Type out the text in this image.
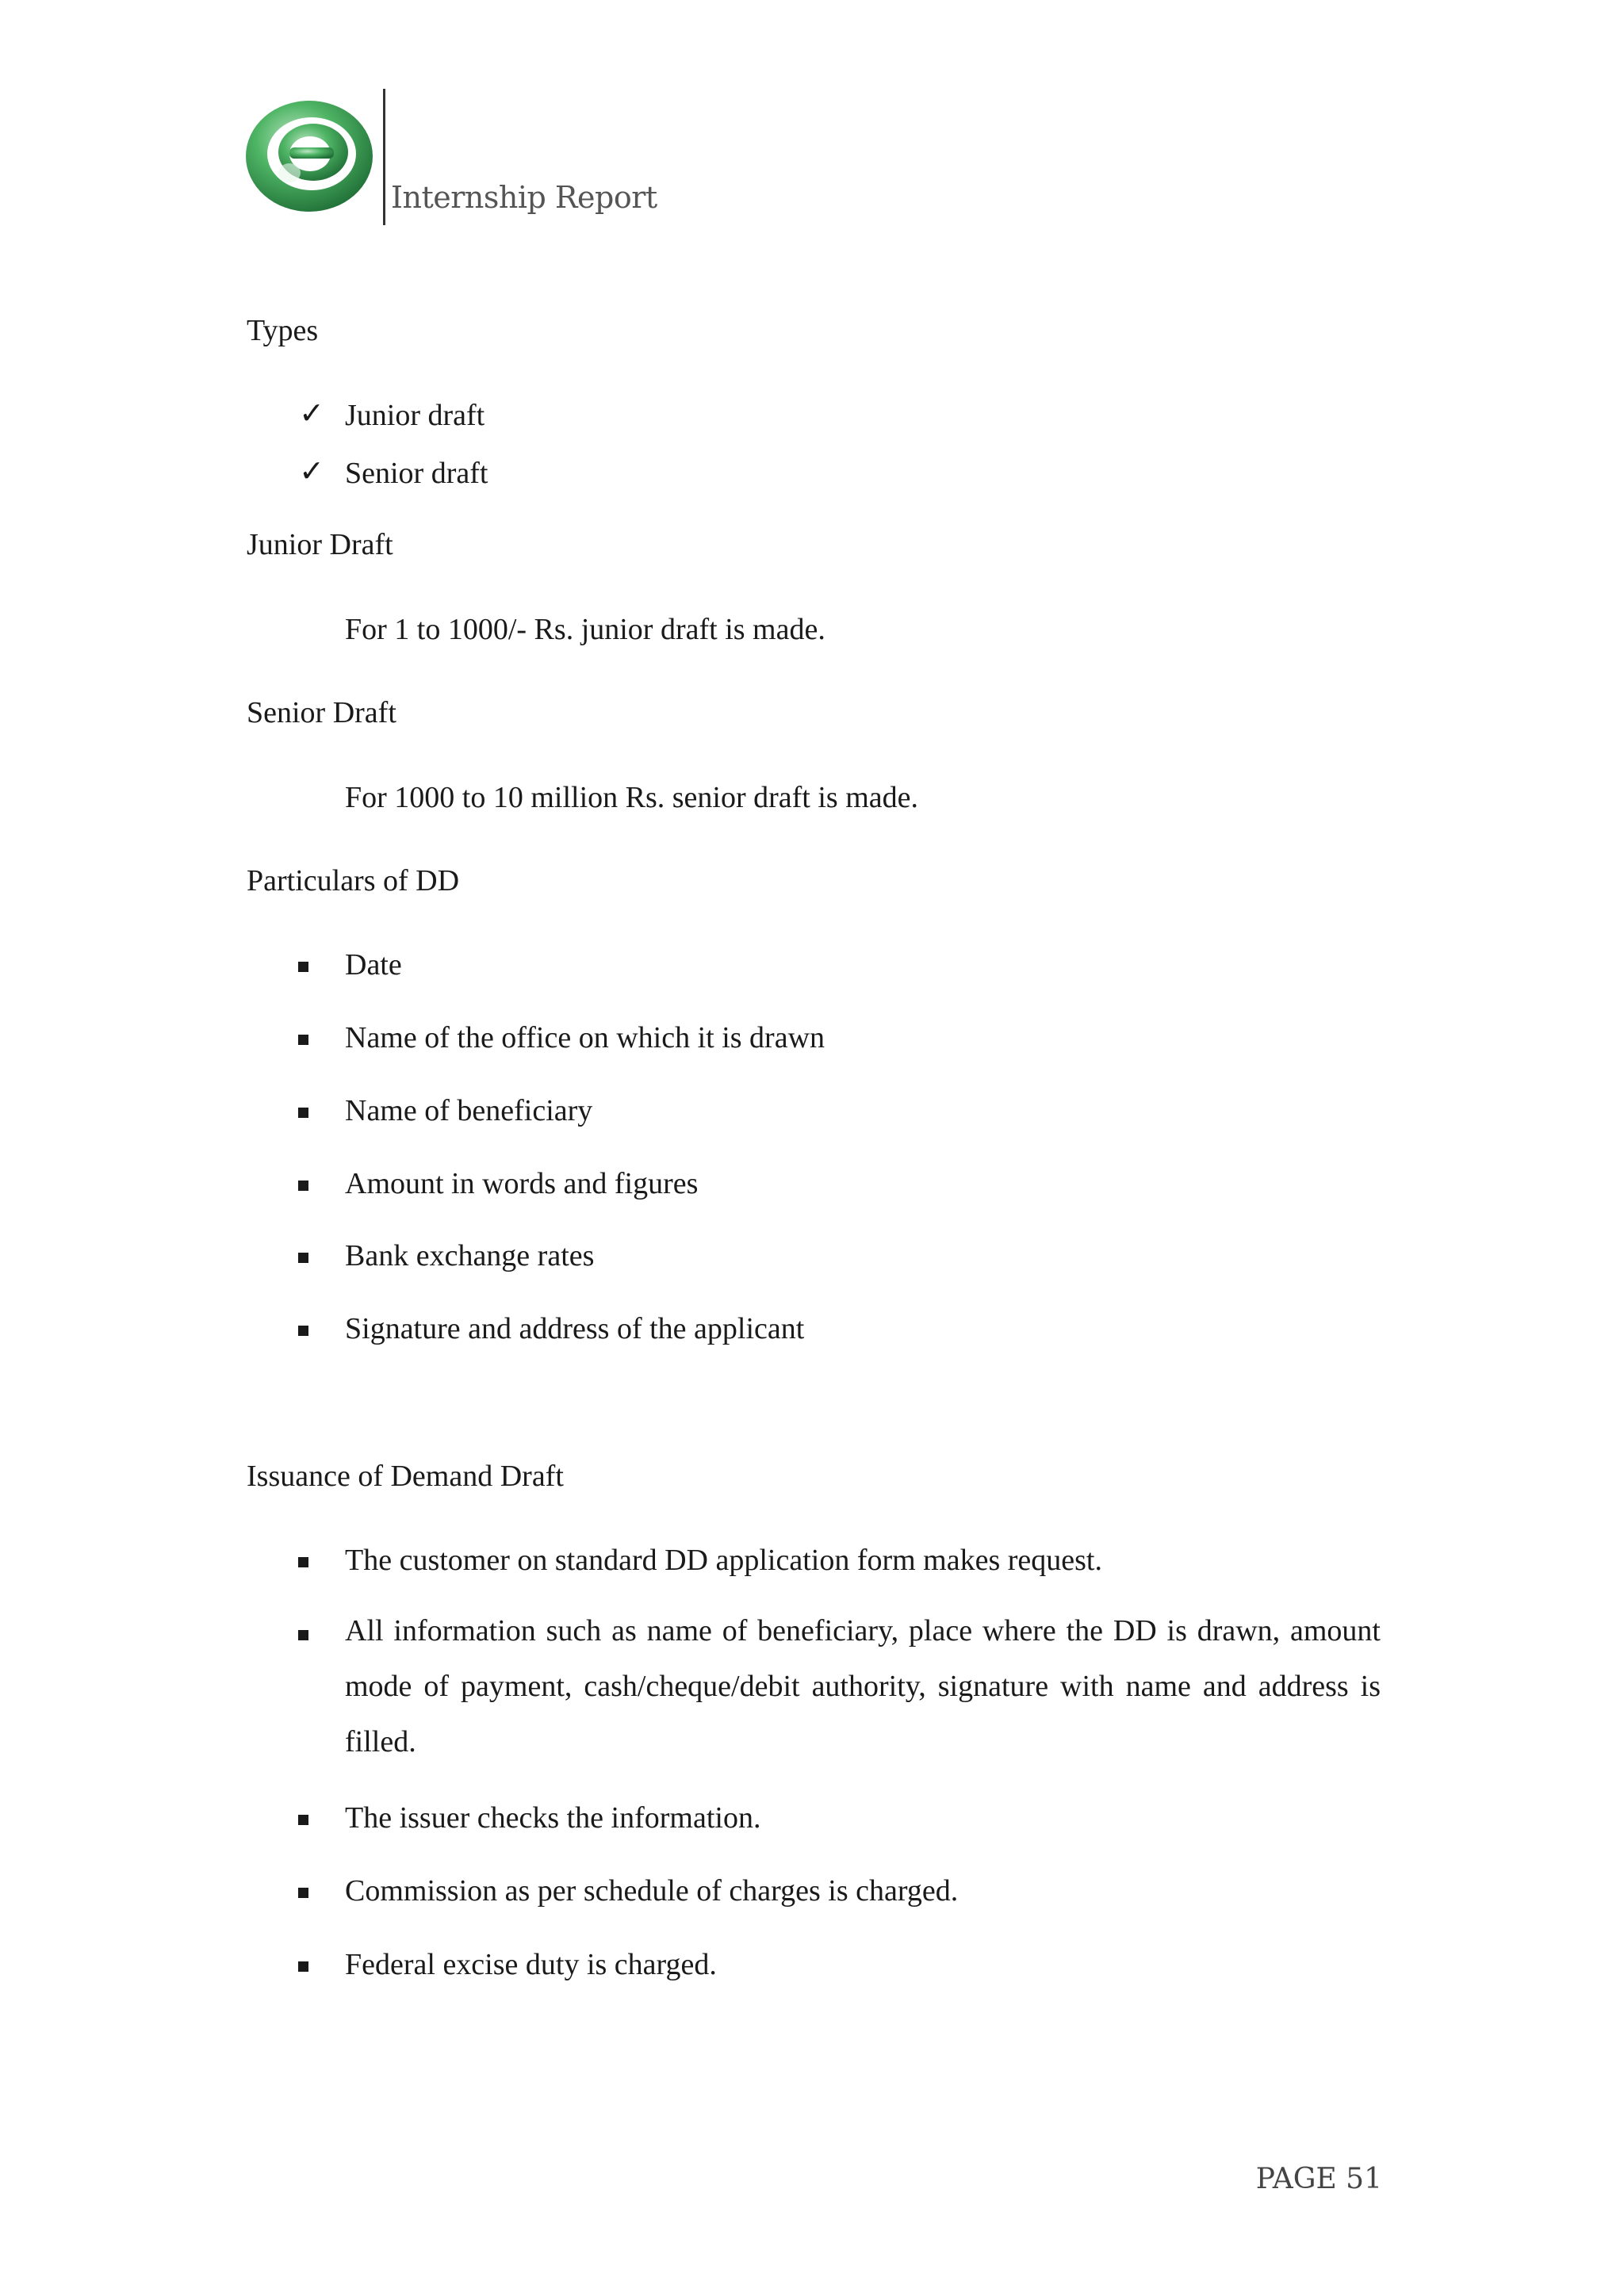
Internship Report
Types
✓ Junior draft
✓ Senior draft
Junior Draft
For 1 to 1000/- Rs. junior draft is made.
Senior Draft
For 1000 to 10 million Rs. senior draft is made.
Particulars of DD
Date
Name of the office on which it is drawn
Name of beneficiary
Amount in words and figures
Bank exchange rates
Signature and address of the applicant
Issuance of Demand Draft
The customer on standard DD application form makes request.
All information such as name of beneficiary, place where the DD is drawn, amount mode of payment, cash/cheque/debit authority, signature with name and address is filled.
The issuer checks the information.
Commission as per schedule of charges is charged.
Federal excise duty is charged.
PAGE 51
